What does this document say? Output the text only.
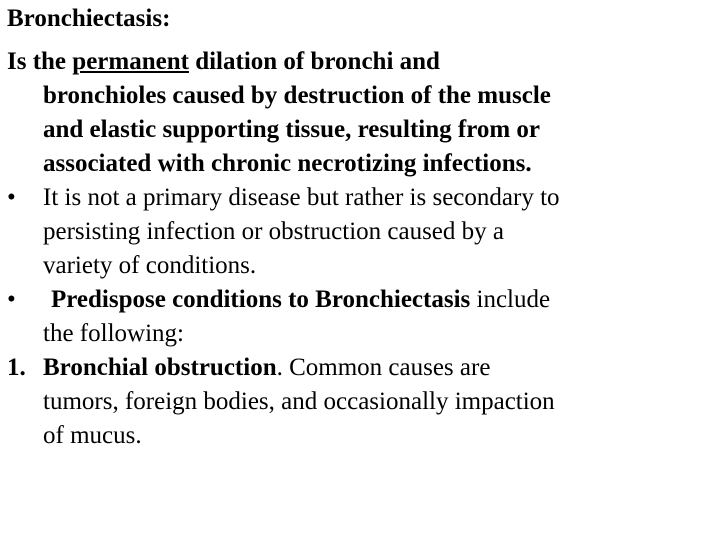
Bronchiectasis:
Is the permanent dilation of bronchi and
bronchioles caused by destruction of the muscle
and elastic supporting tissue, resulting from or
associated with chronic necrotizing infections.
• It is not a primary disease but rather is secondary to
persisting infection or obstruction caused by a
variety of conditions.
• Predispose conditions to Bronchiectasis include
the following:
1. Bronchial obstruction. Common causes are
tumors, foreign bodies, and occasionally impaction
of mucus.
